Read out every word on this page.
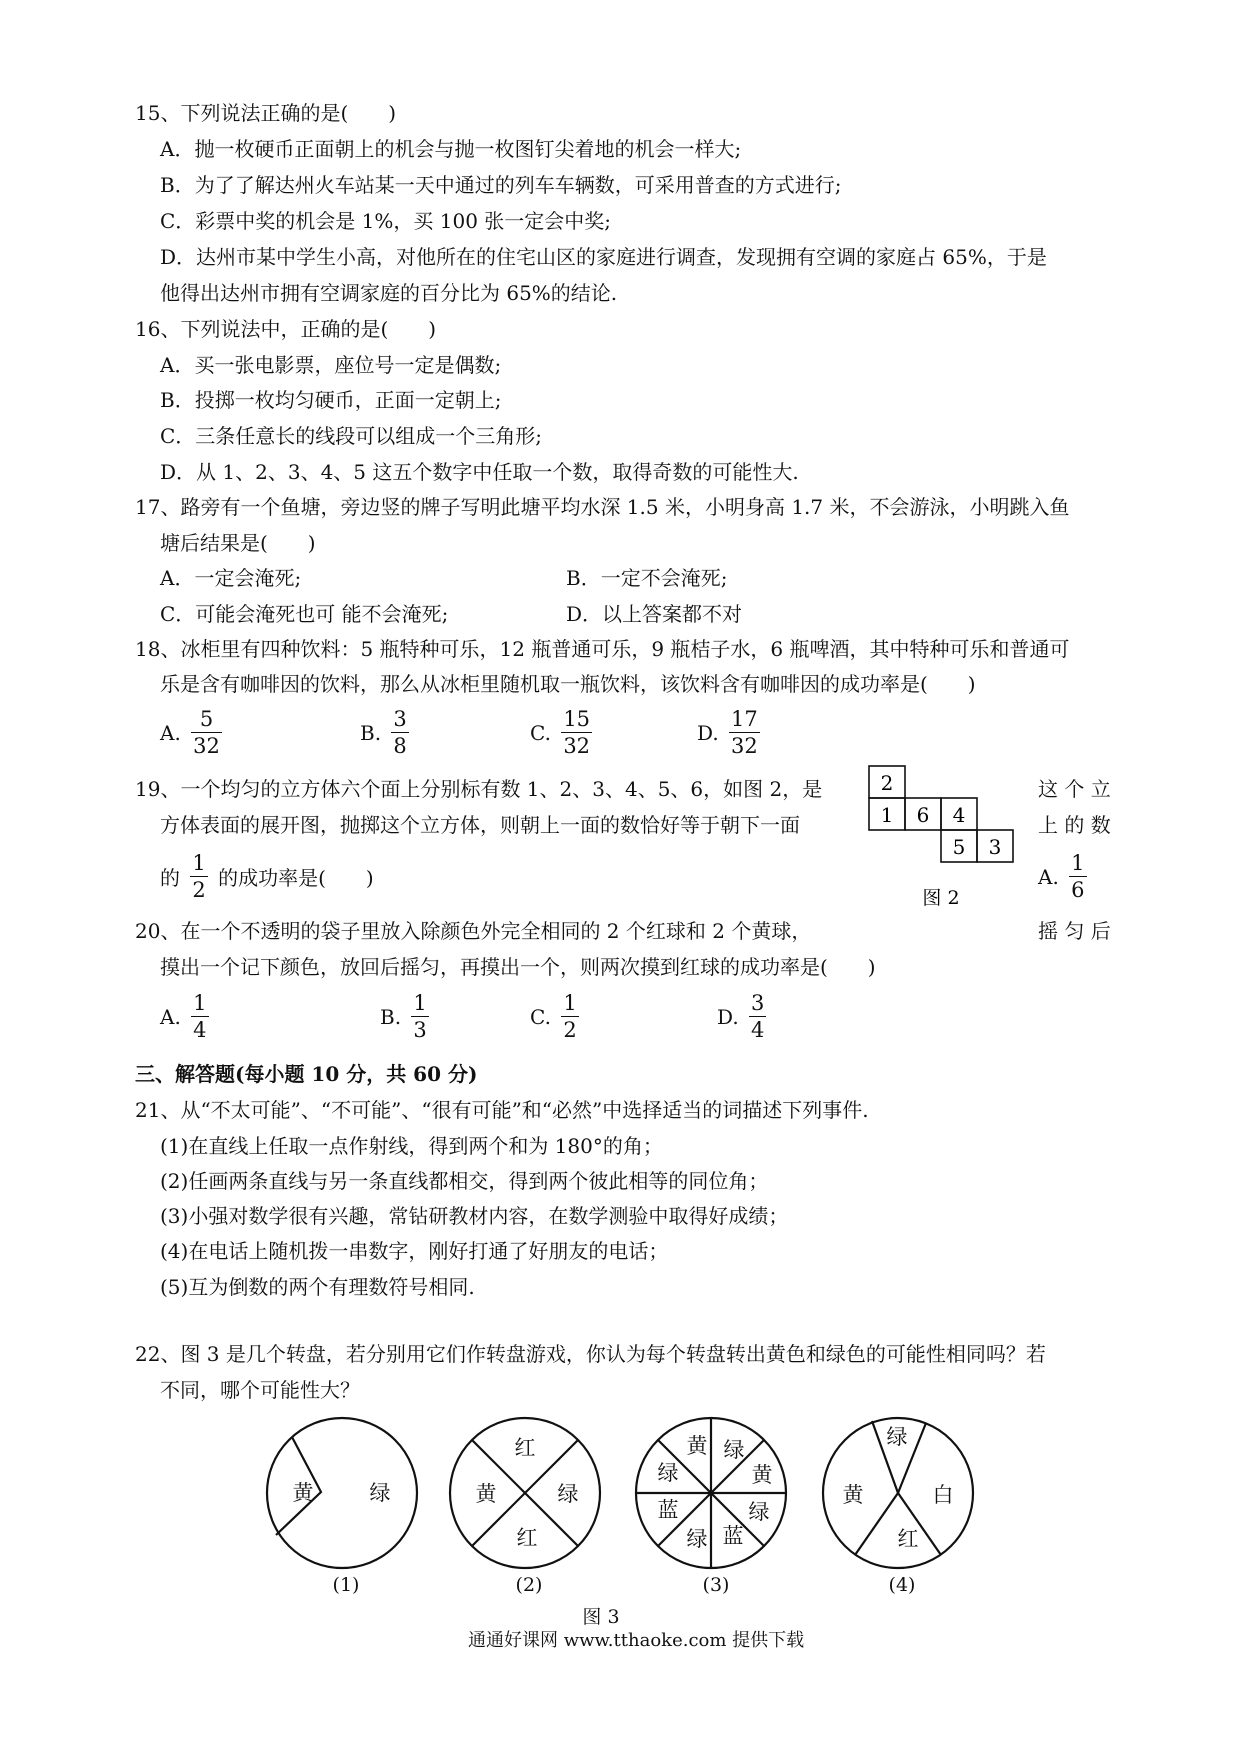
15、下列说法正确的是(　　)
A．抛一枚硬币正面朝上的机会与抛一枚图钉尖着地的机会一样大;
B．为了了解达州火车站某一天中通过的列车车辆数，可采用普查的方式进行;
C．彩票中奖的机会是 1%，买 100 张一定会中奖;
D．达州市某中学生小高，对他所在的住宅山区的家庭进行调查，发现拥有空调的家庭占 65%，于是
他得出达州市拥有空调家庭的百分比为 65%的结论.
16、下列说法中，正确的是(　　)
A．买一张电影票，座位号一定是偶数;
B．投掷一枚均匀硬币，正面一定朝上;
C．三条任意长的线段可以组成一个三角形;
D．从 1、2、3、4、5 这五个数字中任取一个数，取得奇数的可能性大.
17、路旁有一个鱼塘，旁边竖的牌子写明此塘平均水深 1.5 米，小明身高 1.7 米，不会游泳，小明跳入鱼
塘后结果是(　　)
A．一定会淹死;	B．一定不会淹死;
C．可能会淹死也可 能不会淹死;	D．以上答案都不对
18、冰柜里有四种饮料：5 瓶特种可乐，12 瓶普通可乐，9 瓶桔子水，6 瓶啤酒，其中特种可乐和普通可
乐是含有咖啡因的饮料，那么从冰柜里随机取一瓶饮料，该饮料含有咖啡因的成功率是(　　)
A. $\frac{5}{32}$	B. $\frac{3}{8}$	C. $\frac{15}{32}$	D. $\frac{17}{32}$
19、一个均匀的立方体六个面上分别标有数 1、2、3、4、5、6，如图 2，是	这 个 立
方体表面的展开图，抛掷这个立方体，则朝上一面的数恰好等于朝下一面	上 的 数
的 $\frac{1}{2}$ 的成功率是(　　)	A. $\frac{1}{6}$
2
1 6 4
5 3
图 2
20、在一个不透明的袋子里放入除颜色外完全相同的 2 个红球和 2 个黄球，	摇 匀 后
摸出一个记下颜色，放回后摇匀，再摸出一个，则两次摸到红球的成功率是(　　)
A. $\frac{1}{4}$	B. $\frac{1}{3}$	C. $\frac{1}{2}$	D. $\frac{3}{4}$
三、解答题(每小题 10 分，共 60 分)
21、从“不太可能”、“不可能”、“很有可能”和“必然”中选择适当的词描述下列事件.
(1)在直线上任取一点作射线，得到两个和为 180°的角；
(2)任画两条直线与另一条直线都相交，得到两个彼此相等的同位角；
(3)小强对数学很有兴趣，常钻研教材内容，在数学测验中取得好成绩；
(4)在电话上随机拨一串数字，刚好打通了好朋友的电话；
(5)互为倒数的两个有理数符号相同.
22、图 3 是几个转盘，若分别用它们作转盘游戏，你认为每个转盘转出黄色和绿色的可能性相同吗？若
不同，哪个可能性大？
黄	绿
红
黄	绿
红
黄 绿
黄
绿
绿
蓝
绿 蓝
绿
黄	白
红
(1)	(2)	(3)	(4)
图 3
通通好课网 www.tthaoke.com 提供下载
